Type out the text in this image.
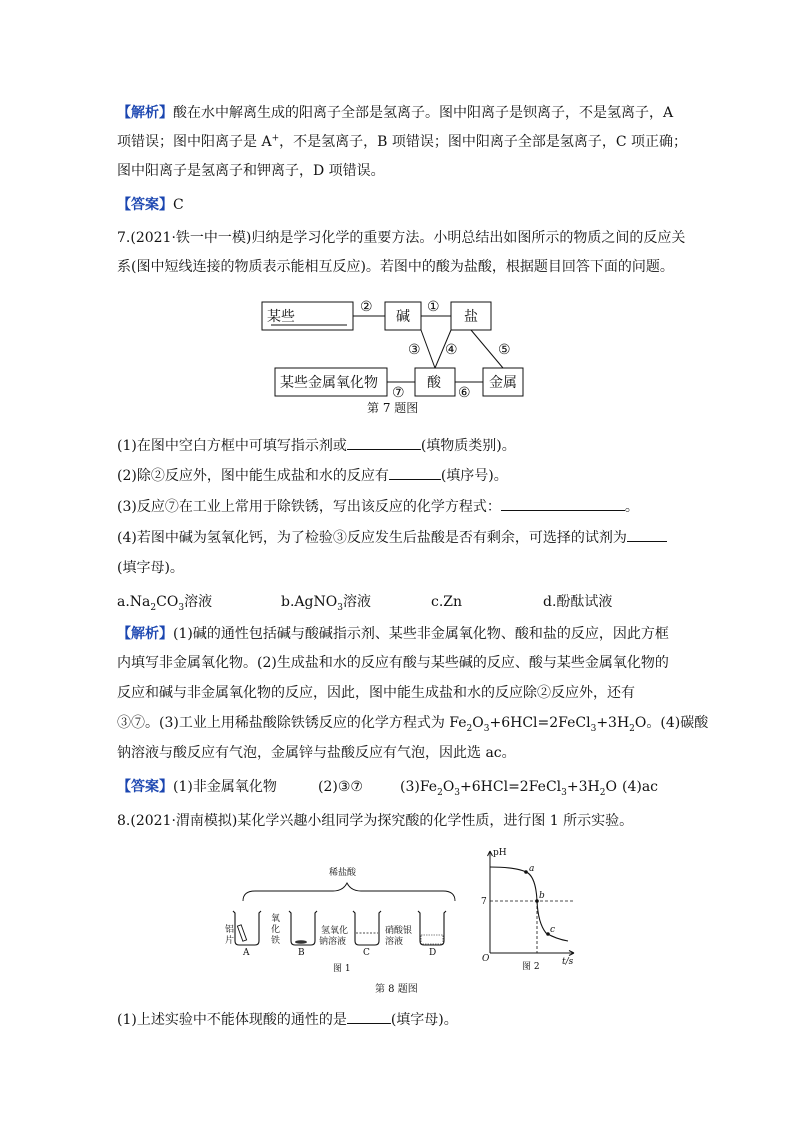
【解析】酸在水中解离生成的阳离子全部是氢离子。图中阳离子是钡离子，不是氢离子，A
项错误；图中阳离子是 A+，不是氢离子，B 项错误；图中阳离子全部是氢离子，C 项正确；
图中阳离子是氢离子和钾离子，D 项错误。
【答案】C
7.(2021·铁一中一模)归纳是学习化学的重要方法。小明总结出如图所示的物质之间的反应关
系(图中短线连接的物质表示能相互反应)。若图中的酸为盐酸，根据题目回答下面的问题。
某些	碱	盐
某些金属氧化物	酸	金属
①
②
③ ④	⑤
⑥
⑦
第 7 题图
(1)在图中空白方框中可填写指示剂或	(填物质类别)。
(2)除②反应外，图中能生成盐和水的反应有	(填序号)。
(3)反应⑦在工业上常用于除铁锈，写出该反应的化学方程式：	。
(4)若图中碱为氢氧化钙，为了检验③反应发生后盐酸是否有剩余，可选择的试剂为
(填字母)。
$a.Na_2CO_3$溶液	b.AgNO$_3$溶液	c.Zn	d.酚酞试液
【解析】(1)碱的通性包括碱与酸碱指示剂、某些非金属氧化物、酸和盐的反应，因此方框
内填写非金属氧化物。(2)生成盐和水的反应有酸与某些碱的反应、酸与某些金属氧化物的
反应和碱与非金属氧化物的反应，因此，图中能生成盐和水的反应除②反应外，还有
③⑦。(3)工业上用稀盐酸除铁锈反应的化学方程式为 $Fe_2O_3+6HCl=2FeCl_3+3H_2O$。(4)碳酸
钠溶液与酸反应有气泡，金属锌与盐酸反应有气泡，因此选 ac。
【答案】(1)非金属氧化物	(2)③⑦	$(3)Fe_2O_3+6HCl=2FeCl_3+3H_2O$ (4)ac
8.(2021·渭南模拟)某化学兴趣小组同学为探究酸的化学性质，进行图 1 所示实验。
稀盐酸
铝片
氧化铁
氢氧化钠溶液
硝酸银溶液
A	B	C	D
图 1
pH
t/s
O
7
a
b
c
图 2
第 8 题图
(1)上述实验中不能体现酸的通性的是	(填字母)。
